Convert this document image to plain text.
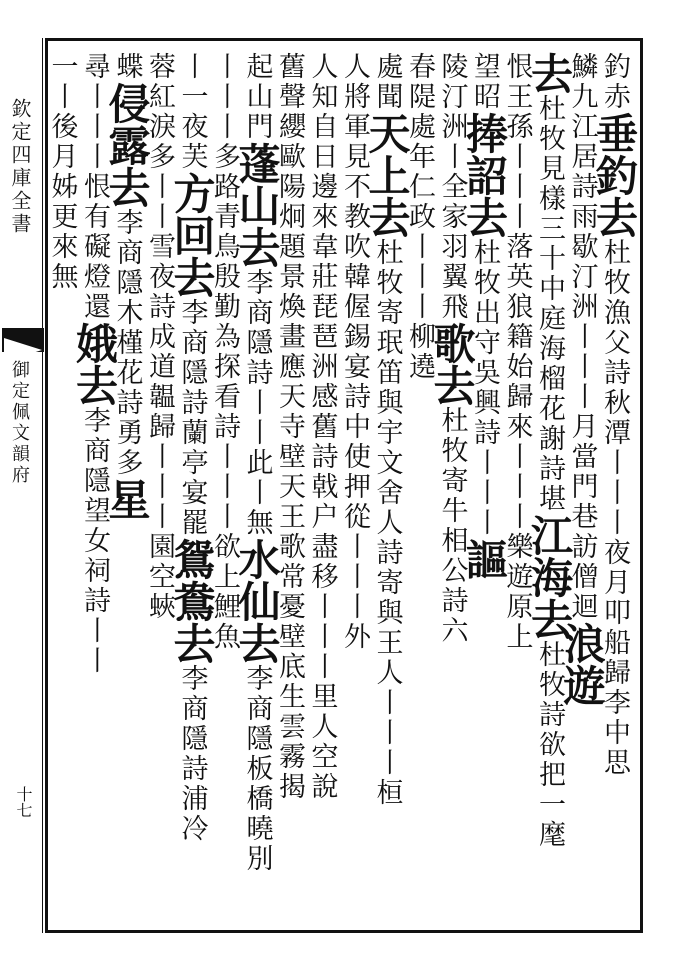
欽定四庫全書
御定佩文韻府
十七
釣赤垂釣去杜牧漁父詩秋潭丨丨丨夜月叩船歸李中思
鱗九江居詩雨歇汀洲丨丨丨月當門巷訪僧迴浪遊
去杜牧見樣三十中庭海榴花謝詩堪江海去杜牧詩欲把一麾
恨王孫丨丨丨落英狼籍始歸來丨丨丨樂遊原上
望昭捧詔去杜牧出守吳興詩丨丨丨謳
陵汀洲丨全家羽翼飛歌去杜牧寄牛相公詩六
春隄處年仁政丨丨丨柳遶
處聞天上去杜牧寄珉笛與宇文舍人詩寄與王人丨丨丨桓
人將軍見不教吹韓偓錫宴詩中使押從丨丨丨外
人知自日邊來韋莊琵琶洲感舊詩戟户盡移丨丨丨里人空說
舊聲纓歐陽炯題景煥畫應天寺壁天王歌常憂壁底生雲霧揭
起山門蓬山去李商隱詩丨丨此丨無水仙去李商隱板橋曉別
丨丨丨多路青鳥殷勤為探看詩丨丨丨欲上鯉魚
丨一夜芙方回去李商隱詩蘭亭宴罷鴛鴦去李商隱詩浦冷
蓉紅淚多丨丨雪夜詩成道韞歸丨丨丨園空蛺
蝶侵露去李商隱木槿花詩勇多星
尋丨丨丨恨有礙燈還娥去李商隱望女祠詩丨丨
一丨後月姊更來無
